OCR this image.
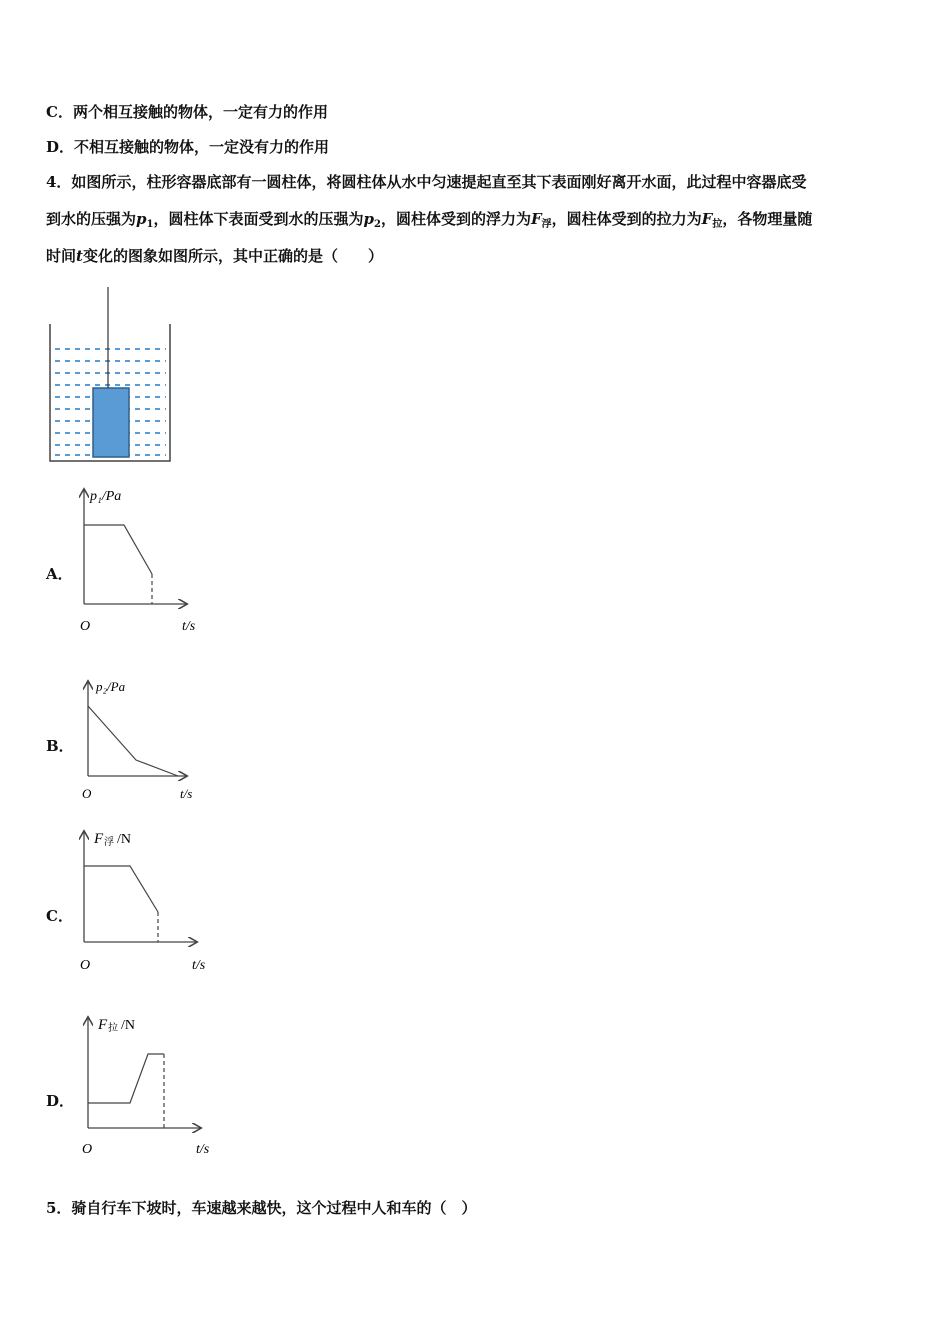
C．两个相互接触的物体，一定有力的作用
D．不相互接触的物体，一定没有力的作用
4．如图所示，柱形容器底部有一圆柱体，将圆柱体从水中匀速提起直至其下表面刚好离开水面，此过程中容器底受
到水的压强为$p_1$，圆柱体下表面受到水的压强为$p_2$，圆柱体受到的浮力为$F_浮$，圆柱体受到的拉力为$F_拉$，各物理量随
时间t变化的图象如图所示，其中正确的是（　　）
A．
p₁/Pa
O	t/s
B．
p₂/Pa
O	t/s
C．
F 浮 /N
O	t/s
D．
F 拉 /N
O	t/s
5．骑自行车下坡时，车速越来越快，这个过程中人和车的（　）
